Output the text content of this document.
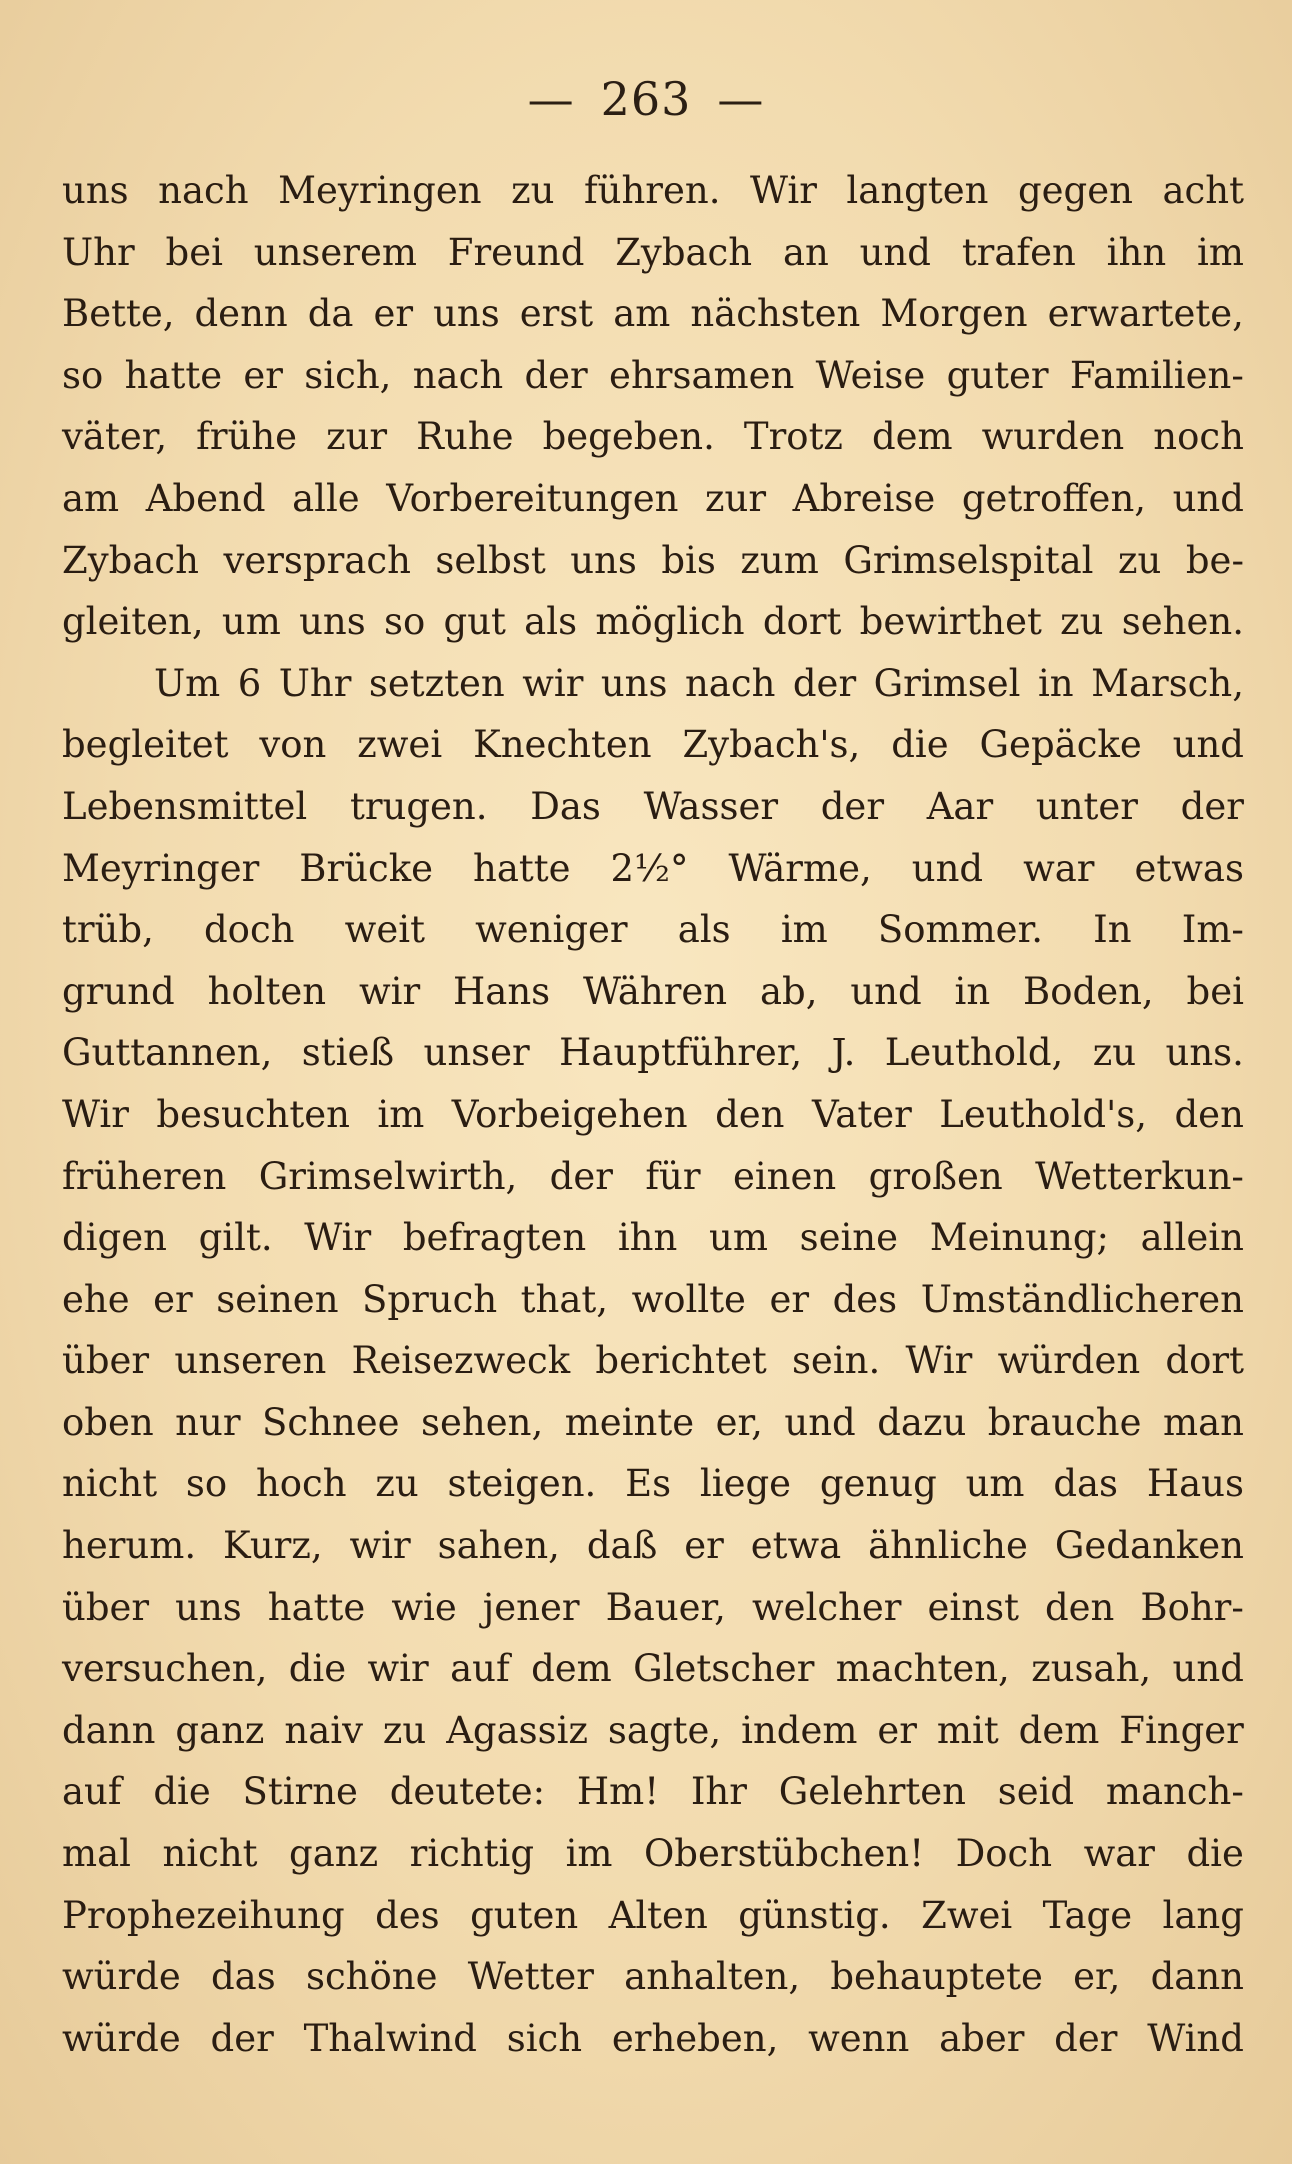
— 263 —
uns nach Meyringen zu führen. Wir langten gegen acht
Uhr bei unserem Freund Zybach an und trafen ihn im
Bette, denn da er uns erst am nächsten Morgen erwartete,
so hatte er sich, nach der ehrsamen Weise guter Familien-
väter, frühe zur Ruhe begeben. Trotz dem wurden noch
am Abend alle Vorbereitungen zur Abreise getroffen, und
Zybach versprach selbst uns bis zum Grimselspital zu be-
gleiten, um uns so gut als möglich dort bewirthet zu sehen.
Um 6 Uhr setzten wir uns nach der Grimsel in Marsch,
begleitet von zwei Knechten Zybach's, die Gepäcke und
Lebensmittel trugen. Das Wasser der Aar unter der
Meyringer Brücke hatte 2½° Wärme, und war etwas
trüb, doch weit weniger als im Sommer. In Im-
grund holten wir Hans Währen ab, und in Boden, bei
Guttannen, stieß unser Hauptführer, J. Leuthold, zu uns.
Wir besuchten im Vorbeigehen den Vater Leuthold's, den
früheren Grimselwirth, der für einen großen Wetterkun-
digen gilt. Wir befragten ihn um seine Meinung; allein
ehe er seinen Spruch that, wollte er des Umständlicheren
über unseren Reisezweck berichtet sein. Wir würden dort
oben nur Schnee sehen, meinte er, und dazu brauche man
nicht so hoch zu steigen. Es liege genug um das Haus
herum. Kurz, wir sahen, daß er etwa ähnliche Gedanken
über uns hatte wie jener Bauer, welcher einst den Bohr-
versuchen, die wir auf dem Gletscher machten, zusah, und
dann ganz naiv zu Agassiz sagte, indem er mit dem Finger
auf die Stirne deutete: Hm! Ihr Gelehrten seid manch-
mal nicht ganz richtig im Oberstübchen! Doch war die
Prophezeihung des guten Alten günstig. Zwei Tage lang
würde das schöne Wetter anhalten, behauptete er, dann
würde der Thalwind sich erheben, wenn aber der Wind
